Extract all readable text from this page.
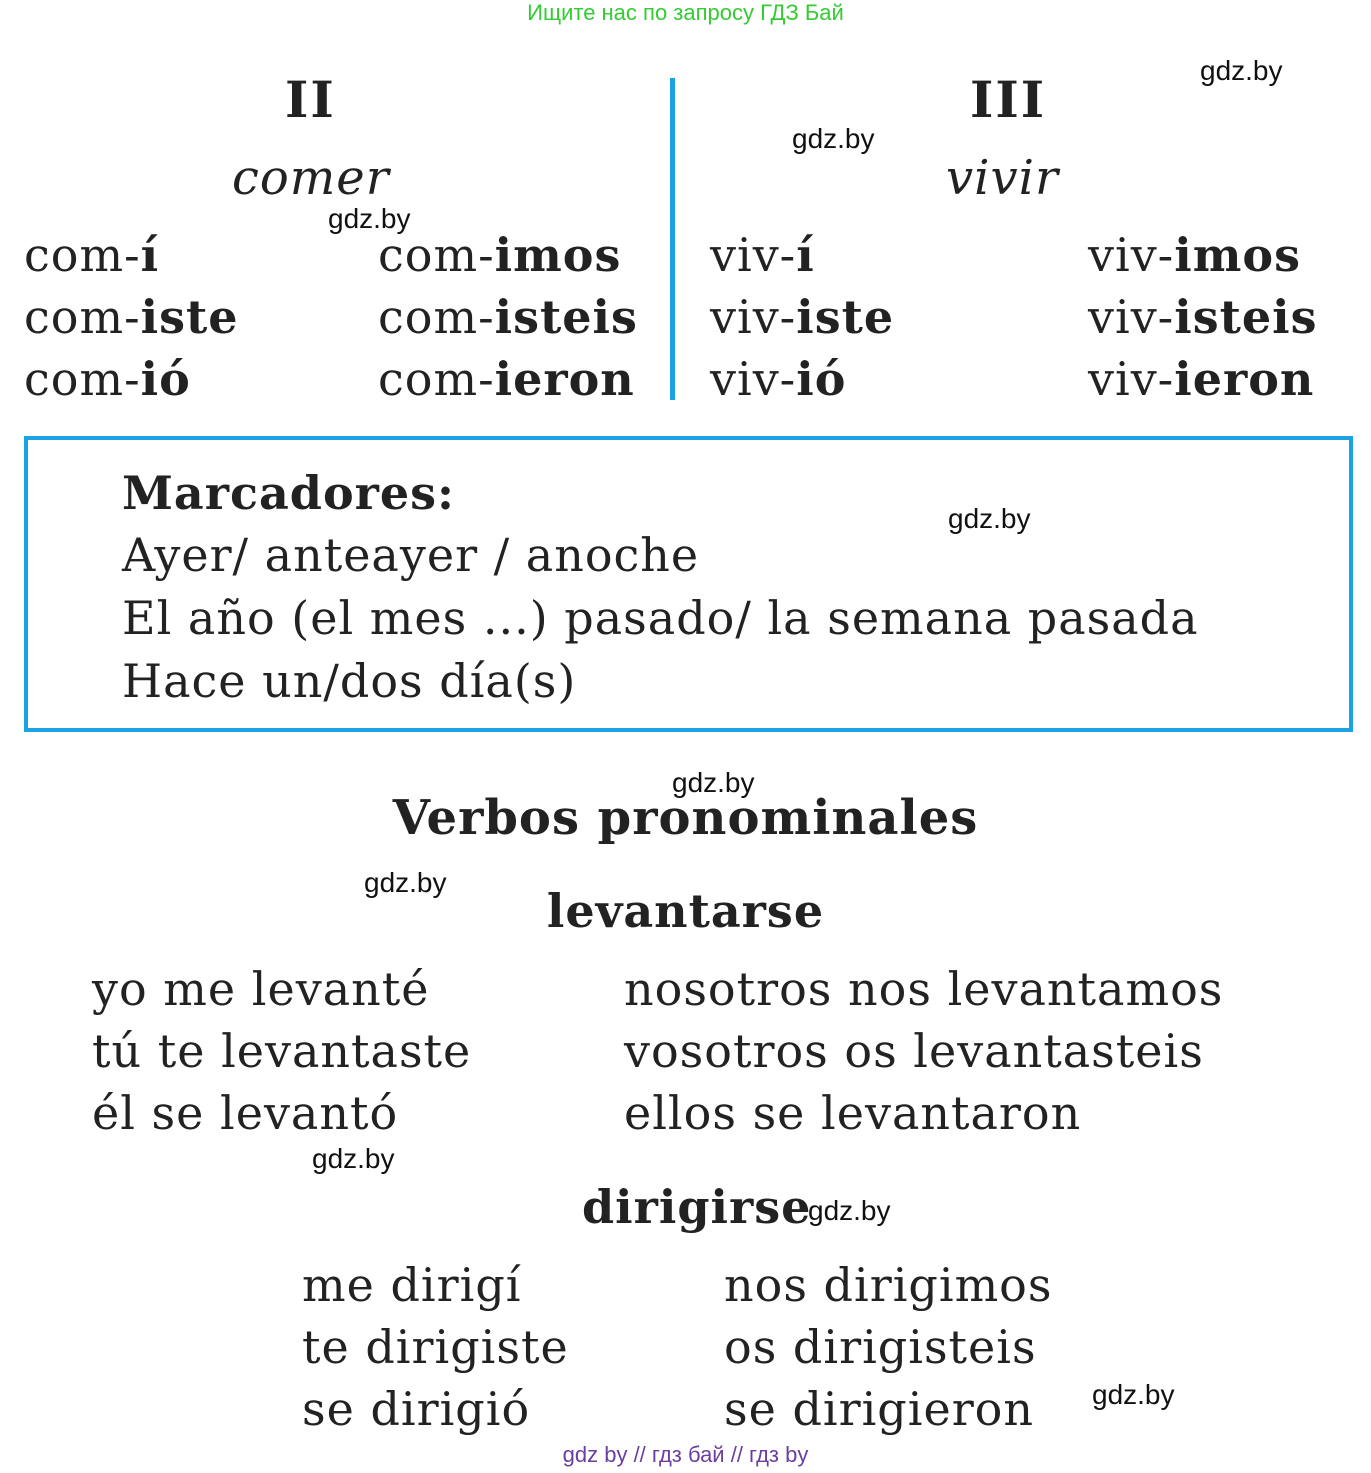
Ищите нас по запросу ГДЗ Бай
gdz.by
gdz.by
gdz.by
gdz.by
gdz.by
gdz.by
gdz.by
gdz.by
gdz.by
II
comer
com-í
com-iste
com-ió
com-imos
com-isteis
com-ieron
III
vivir
viv-í
viv-iste
viv-ió
viv-imos
viv-isteis
viv-ieron
Marcadores:
Ayer/ anteayer / anoche
El año (el mes ...) pasado/ la semana pasada
Hace un/dos día(s)
Verbos pronominales
levantarse
yo me levanté
tú te levantaste
él se levantó
nosotros nos levantamos
vosotros os levantasteis
ellos se levantaron
dirigirse
me dirigí
te dirigiste
se dirigió
nos dirigimos
os dirigisteis
se dirigieron
gdz by // гдз бай // гдз by
